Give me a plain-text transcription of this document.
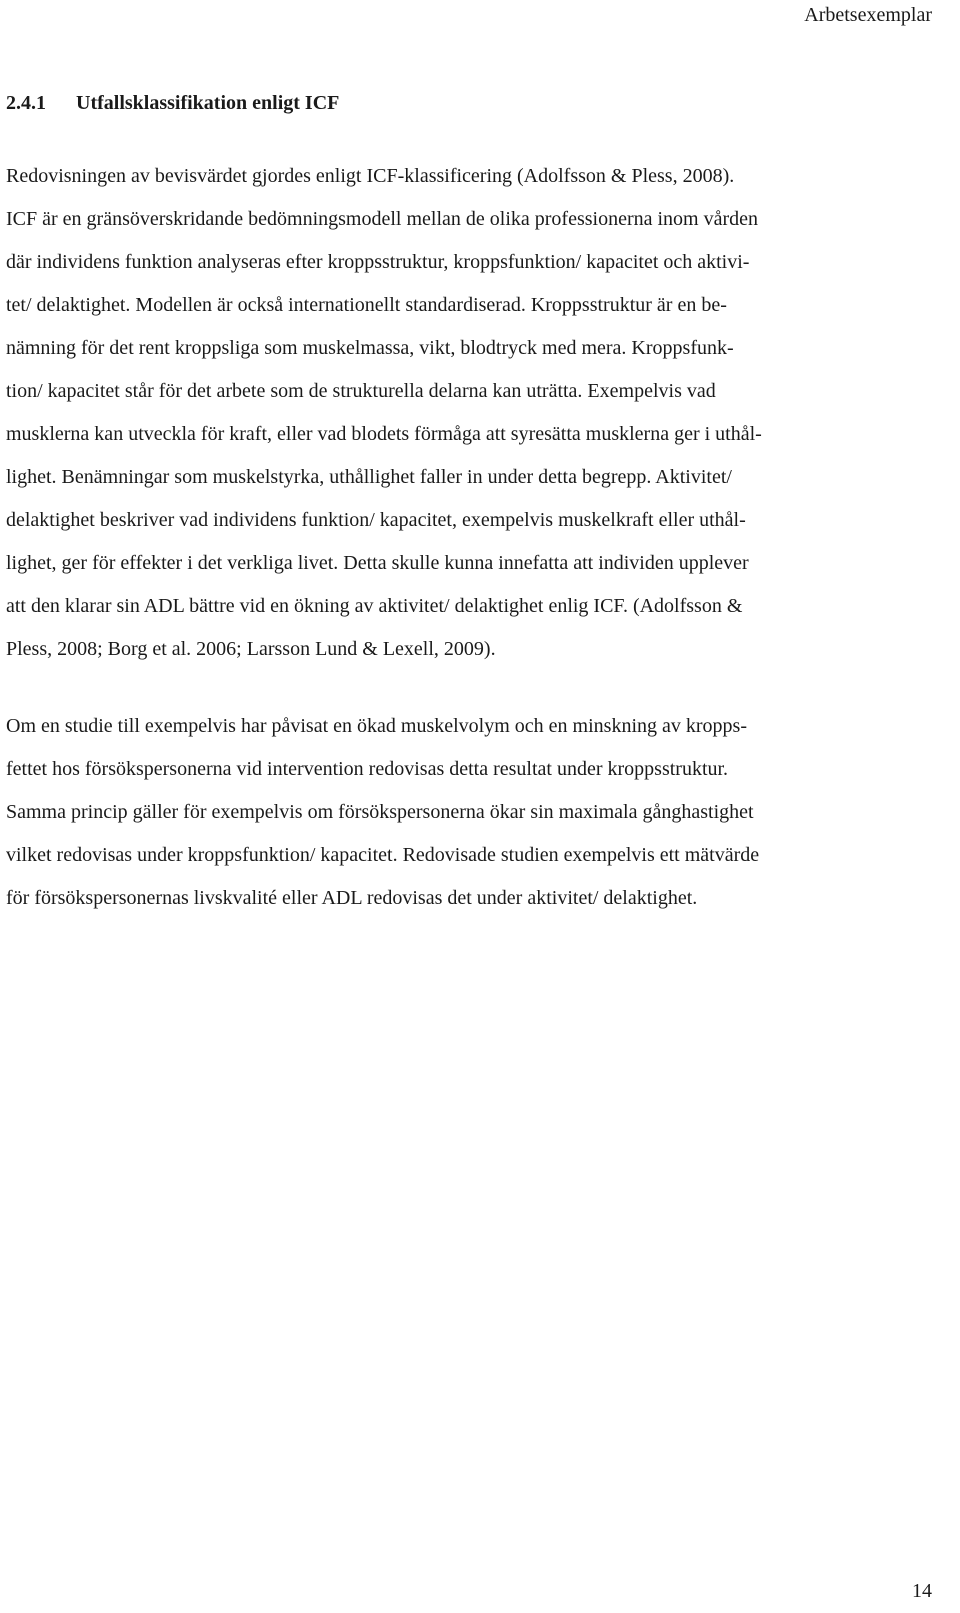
Arbetsexemplar
2.4.1 Utfallsklassifikation enligt ICF
Redovisningen av bevisvärdet gjordes enligt ICF-klassificering (Adolfsson & Pless, 2008).
ICF är en gränsöverskridande bedömningsmodell mellan de olika professionerna inom vården
där individens funktion analyseras efter kroppsstruktur, kroppsfunktion/ kapacitet och aktivi-
tet/ delaktighet. Modellen är också internationellt standardiserad. Kroppsstruktur är en be-
nämning för det rent kroppsliga som muskelmassa, vikt, blodtryck med mera. Kroppsfunk-
tion/ kapacitet står för det arbete som de strukturella delarna kan uträtta. Exempelvis vad
musklerna kan utveckla för kraft, eller vad blodets förmåga att syresätta musklerna ger i uthål-
lighet. Benämningar som muskelstyrka, uthållighet faller in under detta begrepp. Aktivitet/
delaktighet beskriver vad individens funktion/ kapacitet, exempelvis muskelkraft eller uthål-
lighet, ger för effekter i det verkliga livet. Detta skulle kunna innefatta att individen upplever
att den klarar sin ADL bättre vid en ökning av aktivitet/ delaktighet enlig ICF. (Adolfsson &
Pless, 2008; Borg et al. 2006; Larsson Lund & Lexell, 2009).
Om en studie till exempelvis har påvisat en ökad muskelvolym och en minskning av kropps-
fettet hos försökspersonerna vid intervention redovisas detta resultat under kroppsstruktur.
Samma princip gäller för exempelvis om försökspersonerna ökar sin maximala gånghastighet
vilket redovisas under kroppsfunktion/ kapacitet. Redovisade studien exempelvis ett mätvärde
för försökspersonernas livskvalité eller ADL redovisas det under aktivitet/ delaktighet.
14
